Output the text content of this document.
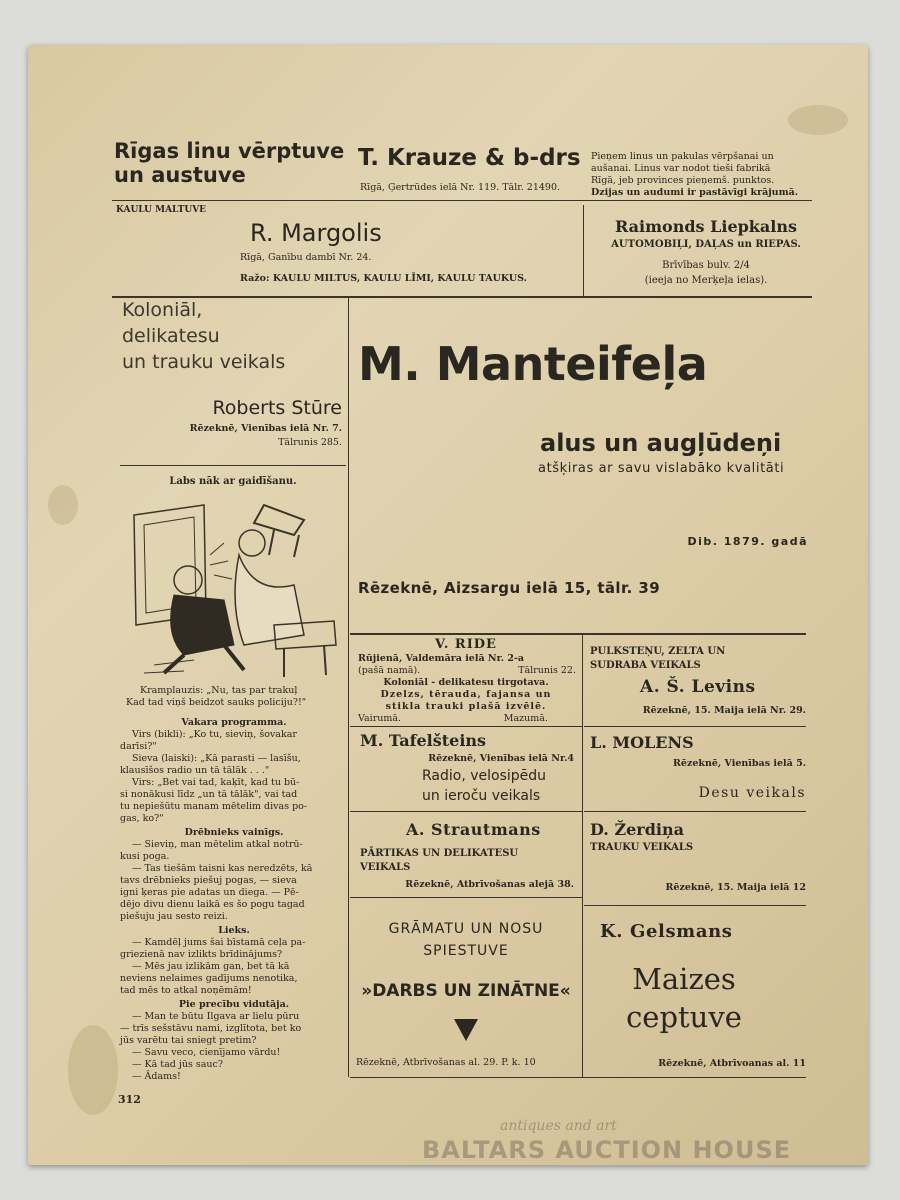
Rīgas linu vērptuve
un austuve
T. Krauze & b-drs
Rīgā, Ģertrūdes ielā Nr. 119. Tālr. 21490.
Pieņem linus un pakulas vērpšanai un
aušanai. Linus var nodot tieši fabrikā
Rīgā, jeb provinces pieņemš. punktos.
Dzijas un audumi ir pastāvīgi krājumā.
KAULU MALTUVE
R. Margolis
Rīgā, Ganību dambī Nr. 24.
Ražo: KAULU MILTUS, KAULU LĪMI, KAULU TAUKUS.
Raimonds Liepkalns
AUTOMOBIĻI, DAĻAS un RIEPAS.
Brīvības bulv. 2/4
(ieeja no Merķeļa ielas).
Koloniāl,
delikatesu
un trauku veikals
Roberts Stūre
Rēzeknē, Vienības ielā Nr. 7.
Tālrunis 285.
Labs nāk ar gaidīšanu.
Kramplauzis: „Nu, tas par trakuļ
Kad tad viņš beidzot sauks policiju?!"
Vakara programma.
Virs (bikli): „Ko tu, sieviņ, šovakar
darīsi?"
Sieva (laiski): „Kā parasti — lasīšu,
klausīšos radio un tā tālāk . . ."
Virs: „Bet vai tad, kaķīt, kad tu bū-
si nonākusi līdz „un tā tālāk", vai tad
tu nepiešūtu manam mētelim divas po-
gas, ko?"
Drēbnieks vainīgs.
— Sieviņ, man mētelim atkal notrū-
kusi poga.
— Tas tiešām taisni kas neredzēts, kā
tavs drēbnieks piešuj pogas, — sieva
igni ķeras pie adatas un diega. — Pē-
dējo divu dienu laikā es šo pogu tagad
piešuju jau sesto reizi.
Lieks.
— Kamdēļ jums šai bīstamā ceļa pa-
griezienā nav izlikts brīdinājums?
— Mēs jau izlikām gan, bet tā kā
neviens nelaimes gadījums nenotika,
tad mēs to atkal noņēmām!
Pie precību vidutāja.
— Man te būtu Ilgava ar lielu pūru
— trīs sešstāvu nami, izglītota, bet ko
jūs varētu tai sniegt pretim?
— Savu veco, cienījamo vārdu!
— Kā tad jūs sauc?
— Ādams!
312
M. Manteifeļa
alus un augļūdeņi
atšķiras ar savu vislabāko kvalitāti
Dib. 1879. gadā
Rēzeknē, Aizsargu ielā 15, tālr. 39
V. RIDE
Rūjienā, Valdemāra ielā Nr. 2-a
(pašā namā).	Tālrunis 22.
Koloniāl - delikatesu tirgotava.
Dzelzs, tērauda, fajansa un
stikla trauki plašā izvēlē.
Vairumā.	Mazumā.
PULKSTEŅU, ZELTA UN
SUDRABA VEIKALS
A. Š. Levins
Rēzeknē, 15. Maija ielā Nr. 29.
M. Tafelšteins
Rēzeknē, Vienības ielā Nr.4
Radio, velosipēdu
un ieroču veikals
L. MOLENS
Rēzeknē, Vienības ielā 5.
Desu veikals
A. Strautmans
PĀRTIKAS UN DELIKATESU
VEIKALS
Rēzeknē, Atbrīvošanas alejā 38.
D. Žerdiņa
TRAUKU VEIKALS
Rēzeknē, 15. Maija ielā 12
GRĀMATU UN NOSU
SPIESTUVE
»DARBS UN ZINĀTNE«
Rēzeknē, Atbrīvošanas al. 29. P. k. 10
K. Gelsmans
Maizes
ceptuve
Rēzeknē, Atbrīvoanas al. 11
antiques and art
BALTARS AUCTION HOUSE
